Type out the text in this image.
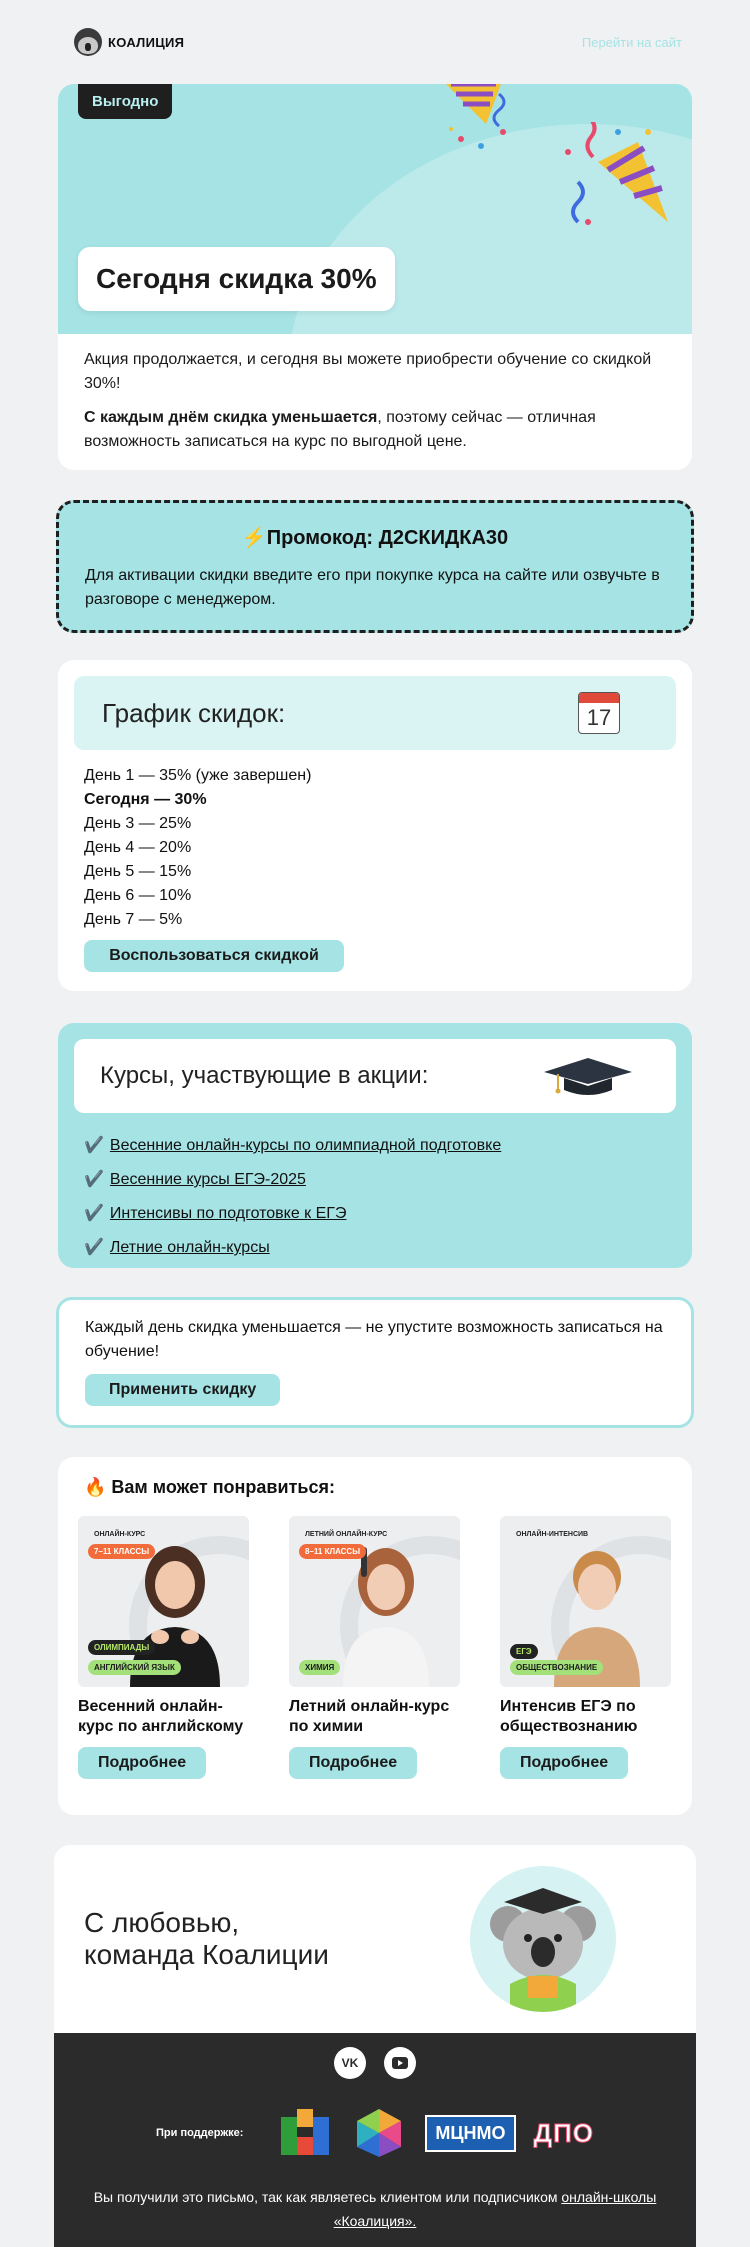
КОАЛИЦИЯ	Перейти на сайт
Выгодно
Сегодня скидка 30%

Акция продолжается, и сегодня вы можете приобрести обучение со скидкой 30%!

С каждым днём скидка уменьшается, поэтому сейчас — отличная возможность записаться на курс по выгодной цене.

⚡Промокод: Д2СКИДКА30
Для активации скидки введите его при покупке курса на сайте или озвучьте в разговоре с менеджером.
График скидок:	17
День 1 — 35% (уже завершен)
Сегодня — 30%
День 3 — 25%
День 4 — 20%
День 5 — 15%
День 6 — 10%
День 7 — 5%
Воспользоваться скидкой
Курсы, участвующие в акции:
✔️ Весенние онлайн-курсы по олимпиадной подготовке
✔️ Весенние курсы ЕГЭ-2025
✔️ Интенсивы по подготовке к ЕГЭ
✔️ Летние онлайн-курсы
Каждый день скидка уменьшается — не упустите возможность записаться на обучение!
Применить скидку
🔥 Вам может понравиться:
ОНЛАЙН-КУРС
7–11 КЛАССЫ
ОЛИМПИАДЫ
АНГЛИЙСКИЙ ЯЗЫК
Весенний онлайн-курс по английскому
Подробнее
ЛЕТНИЙ ОНЛАЙН-КУРС
8–11 КЛАССЫ
ХИМИЯ
Летний онлайн-курс по химии
Подробнее
ОНЛАЙН-ИНТЕНСИВ
ЕГЭ
ОБЩЕСТВОЗНАНИЕ
Интенсив ЕГЭ по обществознанию
Подробнее
С любовью,
команда Коалиции
VK
При поддержке:	МЦНМО	ДПО
Вы получили это письмо, так как являетесь клиентом или подписчиком онлайн-школы «Коалиция».
